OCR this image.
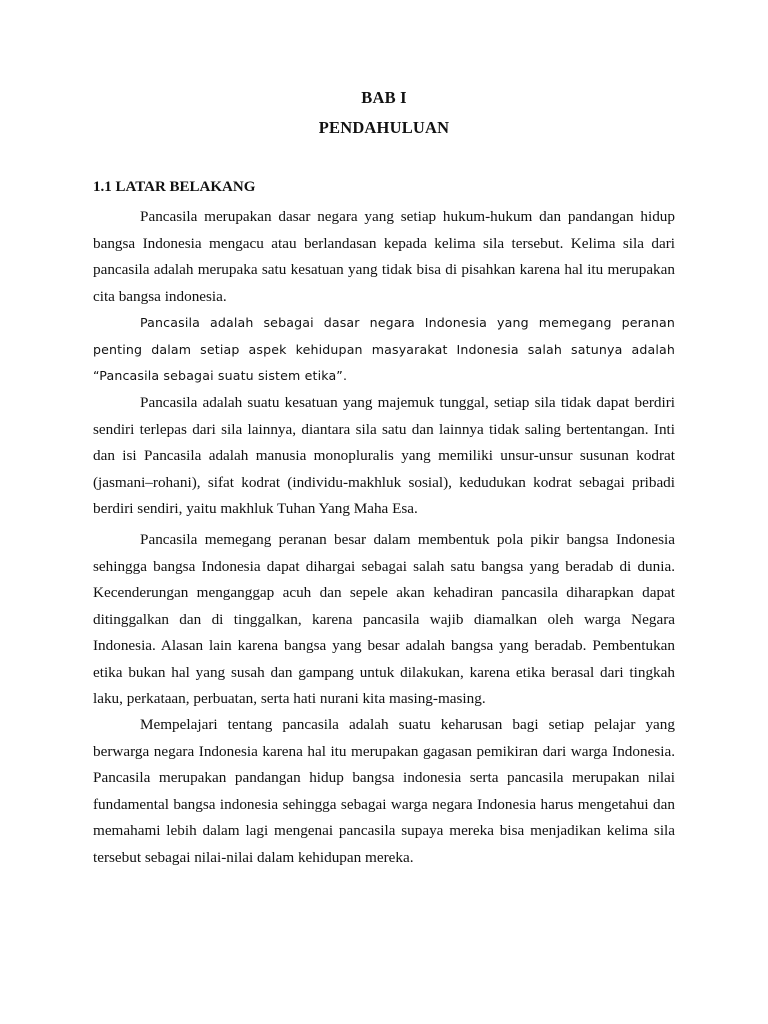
BAB I
PENDAHULUAN
1.1 LATAR BELAKANG

Pancasila merupakan dasar negara yang setiap hukum-hukum dan pandangan hidup bangsa Indonesia mengacu atau berlandasan kepada kelima sila tersebut. Kelima sila dari pancasila adalah merupaka satu kesatuan yang tidak bisa di pisahkan karena hal itu merupakan cita bangsa indonesia.

Pancasila adalah sebagai dasar negara Indonesia yang memegang peranan penting dalam setiap aspek kehidupan masyarakat Indonesia salah satunya adalah “Pancasila sebagai suatu sistem etika”.

Pancasila adalah suatu kesatuan yang majemuk tunggal, setiap sila tidak dapat berdiri sendiri terlepas dari sila lainnya, diantara sila satu dan lainnya tidak saling bertentangan. Inti dan isi Pancasila adalah manusia monopluralis yang memiliki unsur-unsur susunan kodrat (jasmani–rohani), sifat kodrat (individu-makhluk sosial), kedudukan kodrat sebagai pribadi berdiri sendiri, yaitu makhluk Tuhan Yang Maha Esa.

Pancasila memegang peranan besar dalam membentuk pola pikir bangsa Indonesia sehingga bangsa Indonesia dapat dihargai sebagai salah satu bangsa yang beradab di dunia. Kecenderungan menganggap acuh dan sepele akan kehadiran pancasila diharapkan dapat ditinggalkan dan di tinggalkan, karena pancasila wajib diamalkan oleh warga Negara Indonesia. Alasan lain karena bangsa yang besar adalah bangsa yang beradab. Pembentukan etika bukan hal yang susah dan gampang untuk dilakukan, karena etika berasal dari tingkah laku, perkataan, perbuatan, serta hati nurani kita masing-masing.

Mempelajari tentang pancasila adalah suatu keharusan bagi setiap pelajar yang berwarga negara Indonesia karena hal itu merupakan gagasan pemikiran dari warga Indonesia. Pancasila merupakan pandangan hidup bangsa indonesia serta pancasila merupakan nilai fundamental bangsa indonesia sehingga sebagai warga negara Indonesia harus mengetahui dan memahami lebih dalam lagi mengenai pancasila supaya mereka bisa menjadikan kelima sila tersebut sebagai nilai-nilai dalam kehidupan mereka.
